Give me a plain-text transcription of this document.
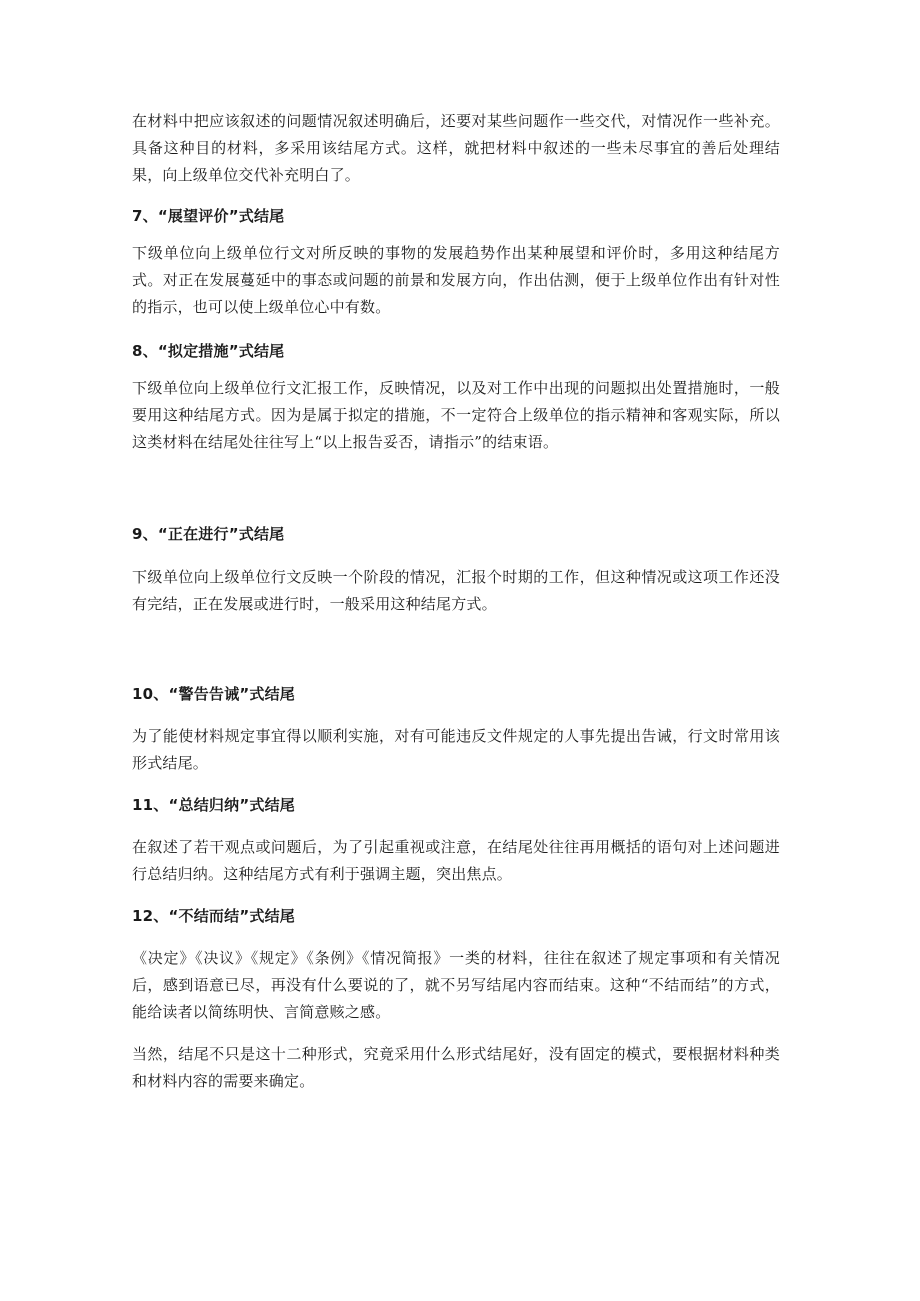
在材料中把应该叙述的问题情况叙述明确后，还要对某些问题作一些交代，对情况作一些补充。具备这种目的材料，多采用该结尾方式。这样，就把材料中叙述的一些未尽事宜的善后处理结果，向上级单位交代补充明白了。

7、“展望评价”式结尾

下级单位向上级单位行文对所反映的事物的发展趋势作出某种展望和评价时，多用这种结尾方式。对正在发展蔓延中的事态或问题的前景和发展方向，作出估测，便于上级单位作出有针对性的指示，也可以使上级单位心中有数。

8、“拟定措施”式结尾

下级单位向上级单位行文汇报工作，反映情况，以及对工作中出现的问题拟出处置措施时，一般要用这种结尾方式。因为是属于拟定的措施，不一定符合上级单位的指示精神和客观实际，所以这类材料在结尾处往往写上“以上报告妥否，请指示”的结束语。

9、“正在进行”式结尾

下级单位向上级单位行文反映一个阶段的情况，汇报个时期的工作，但这种情况或这项工作还没有完结，正在发展或进行时，一般采用这种结尾方式。

10、“警告告诫”式结尾

为了能使材料规定事宜得以顺利实施，对有可能违反文件规定的人事先提出告诫，行文时常用该形式结尾。

11、“总结归纳”式结尾

在叙述了若干观点或问题后，为了引起重视或注意，在结尾处往往再用概括的语句对上述问题进行总结归纳。这种结尾方式有利于强调主题，突出焦点。

12、“不结而结”式结尾

《决定》《决议》《规定》《条例》《情况简报》一类的材料，往往在叙述了规定事项和有关情况后，感到语意已尽，再没有什么要说的了，就不另写结尾内容而结束。这种“不结而结”的方式，能给读者以简练明快、言简意赅之感。

当然，结尾不只是这十二种形式，究竟采用什么形式结尾好，没有固定的模式，要根据材料种类和材料内容的需要来确定。
